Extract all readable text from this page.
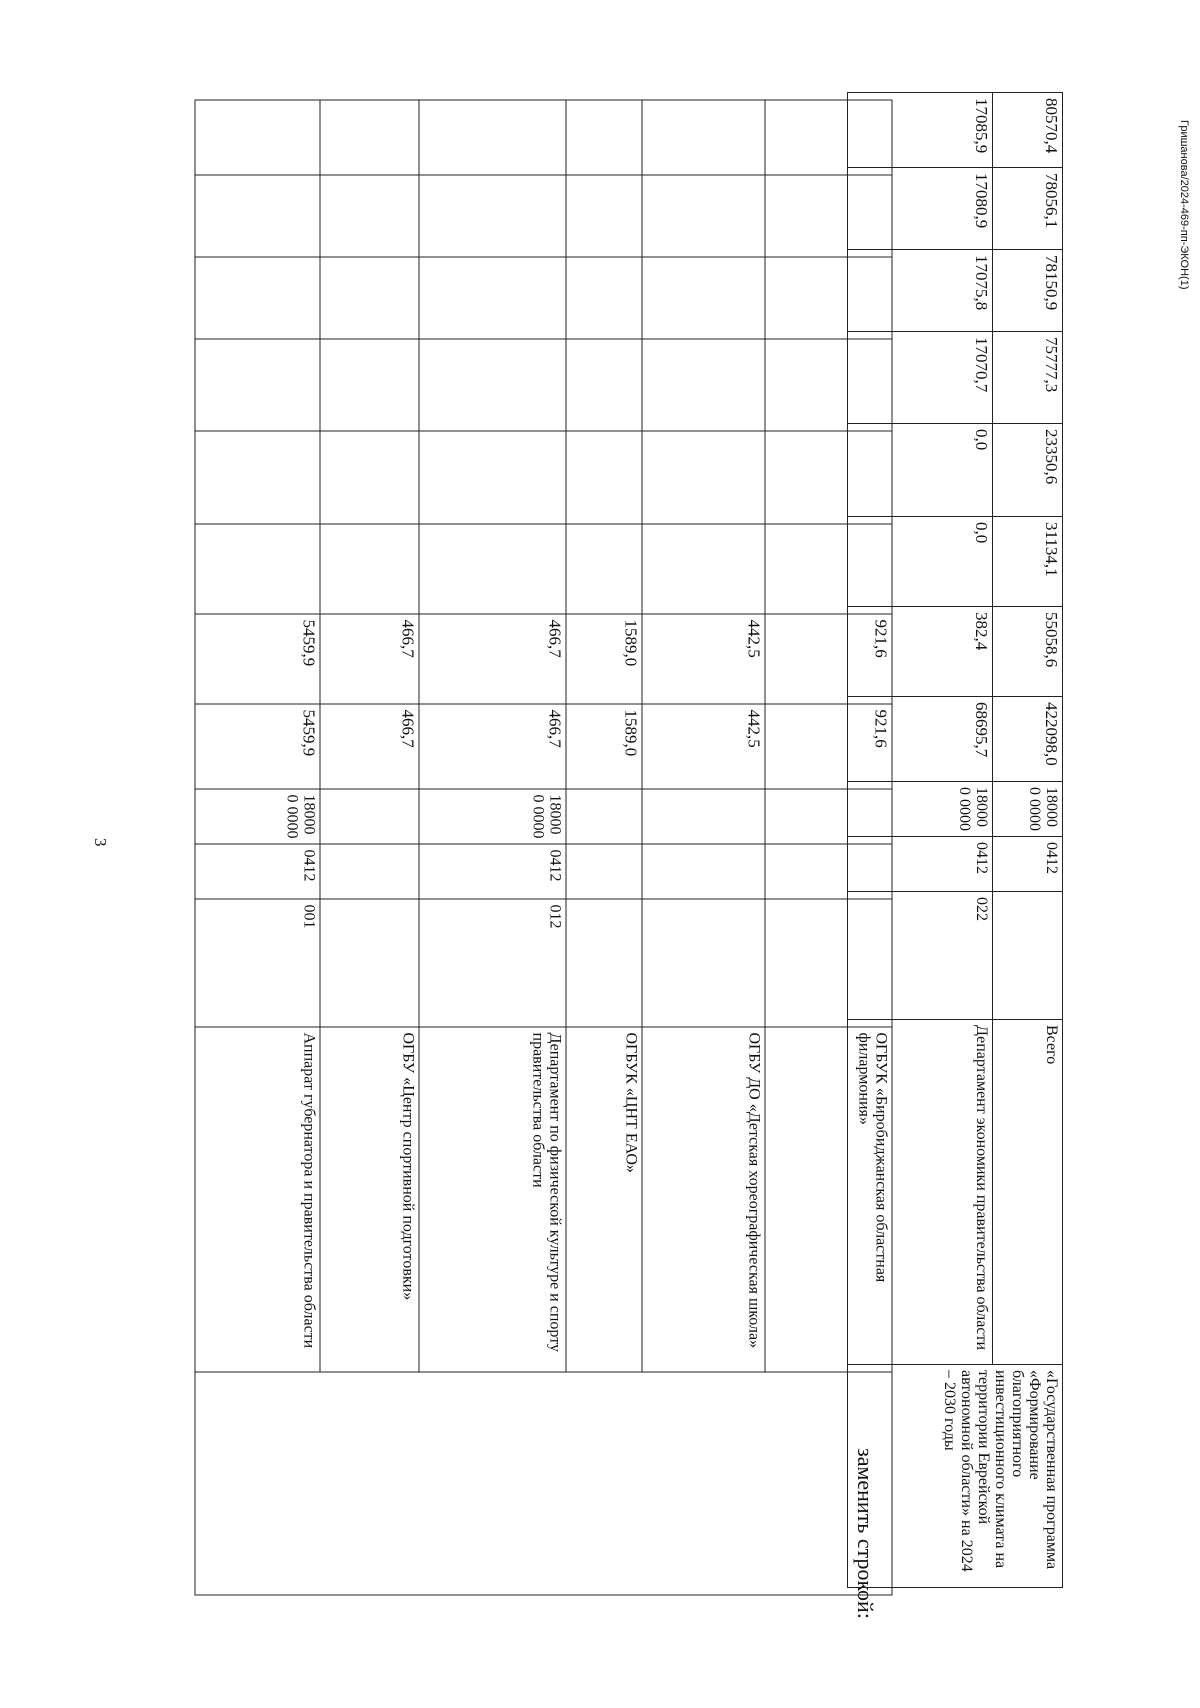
3
Гришанова/2024-469-пп-ЭКОН(1)
						921,6	921,6				ОГБУК «Биробиджанская областная филармония»	
						442,5	442,5				ОГБУ ДО «Детская хореографическая школа»	
						1589,0	1589,0				ОГБУК «ЦНТ ЕАО»	
						466,7	466,7	180000 0000	0412	012	Департамент по физической культуре и спорту правительства области	
						466,7	466,7				ОГБУ «Центр спортивной подготовки»	
						5459,9	5459,9	180000 0000	0412	001	Аппарат губернатора и правительства области	
заменить строкой:
80570,4	78056,1	78150,9	75777,3	23350,6	31134,1	55058,6	422098,0	180000 0000	0412		Всего	«Государственная программа «Формирование благоприятного инвестиционного климата на территории Еврейской автономной области» на 2024 – 2030 годы
17085,9	17080,9	17075,8	17070,7	0,0	0,0	382,4	68695,7	180000 0000	0412	022	Департамент экономики правительства области	
